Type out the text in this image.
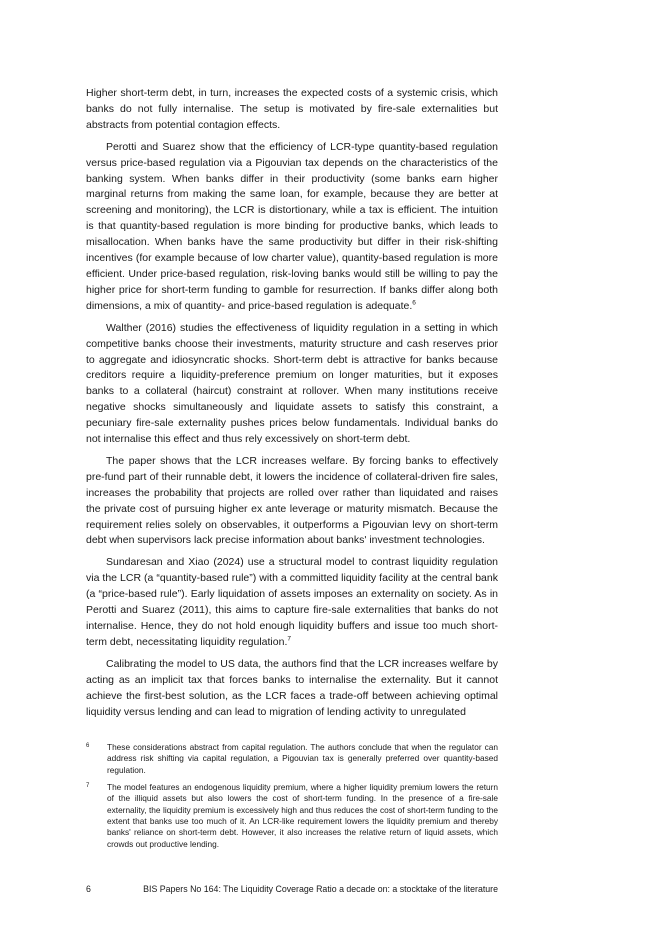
Higher short-term debt, in turn, increases the expected costs of a systemic crisis, which banks do not fully internalise. The setup is motivated by fire-sale externalities but abstracts from potential contagion effects.

Perotti and Suarez show that the efficiency of LCR-type quantity-based regulation versus price-based regulation via a Pigouvian tax depends on the characteristics of the banking system. When banks differ in their productivity (some banks earn higher marginal returns from making the same loan, for example, because they are better at screening and monitoring), the LCR is distortionary, while a tax is efficient. The intuition is that quantity-based regulation is more binding for productive banks, which leads to misallocation. When banks have the same productivity but differ in their risk-shifting incentives (for example because of low charter value), quantity-based regulation is more efficient. Under price-based regulation, risk-loving banks would still be willing to pay the higher price for short-term funding to gamble for resurrection. If banks differ along both dimensions, a mix of quantity- and price-based regulation is adequate.$^6$

Walther (2016) studies the effectiveness of liquidity regulation in a setting in which competitive banks choose their investments, maturity structure and cash reserves prior to aggregate and idiosyncratic shocks. Short-term debt is attractive for banks because creditors require a liquidity-preference premium on longer maturities, but it exposes banks to a collateral (haircut) constraint at rollover. When many institutions receive negative shocks simultaneously and liquidate assets to satisfy this constraint, a pecuniary fire-sale externality pushes prices below fundamentals. Individual banks do not internalise this effect and thus rely excessively on short-term debt.

The paper shows that the LCR increases welfare. By forcing banks to effectively pre-fund part of their runnable debt, it lowers the incidence of collateral-driven fire sales, increases the probability that projects are rolled over rather than liquidated and raises the private cost of pursuing higher ex ante leverage or maturity mismatch. Because the requirement relies solely on observables, it outperforms a Pigouvian levy on short-term debt when supervisors lack precise information about banks' investment technologies.

Sundaresan and Xiao (2024) use a structural model to contrast liquidity regulation via the LCR (a “quantity-based rule”) with a committed liquidity facility at the central bank (a “price-based rule”). Early liquidation of assets imposes an externality on society. As in Perotti and Suarez (2011), this aims to capture fire-sale externalities that banks do not internalise. Hence, they do not hold enough liquidity buffers and issue too much short-term debt, necessitating liquidity regulation.$^7$

Calibrating the model to US data, the authors find that the LCR increases welfare by acting as an implicit tax that forces banks to internalise the externality. But it cannot achieve the first-best solution, as the LCR faces a trade-off between achieving optimal liquidity versus lending and can lead to migration of lending activity to unregulated

6 These considerations abstract from capital regulation. The authors conclude that when the regulator can address risk shifting via capital regulation, a Pigouvian tax is generally preferred over quantity-based regulation.
7 The model features an endogenous liquidity premium, where a higher liquidity premium lowers the return of the illiquid assets but also lowers the cost of short-term funding. In the presence of a fire-sale externality, the liquidity premium is excessively high and thus reduces the cost of short-term funding to the extent that banks use too much of it. An LCR-like requirement lowers the liquidity premium and thereby banks' reliance on short-term debt. However, it also increases the relative return of liquid assets, which crowds out productive lending.
6	BIS Papers No 164: The Liquidity Coverage Ratio a decade on: a stocktake of the literature
